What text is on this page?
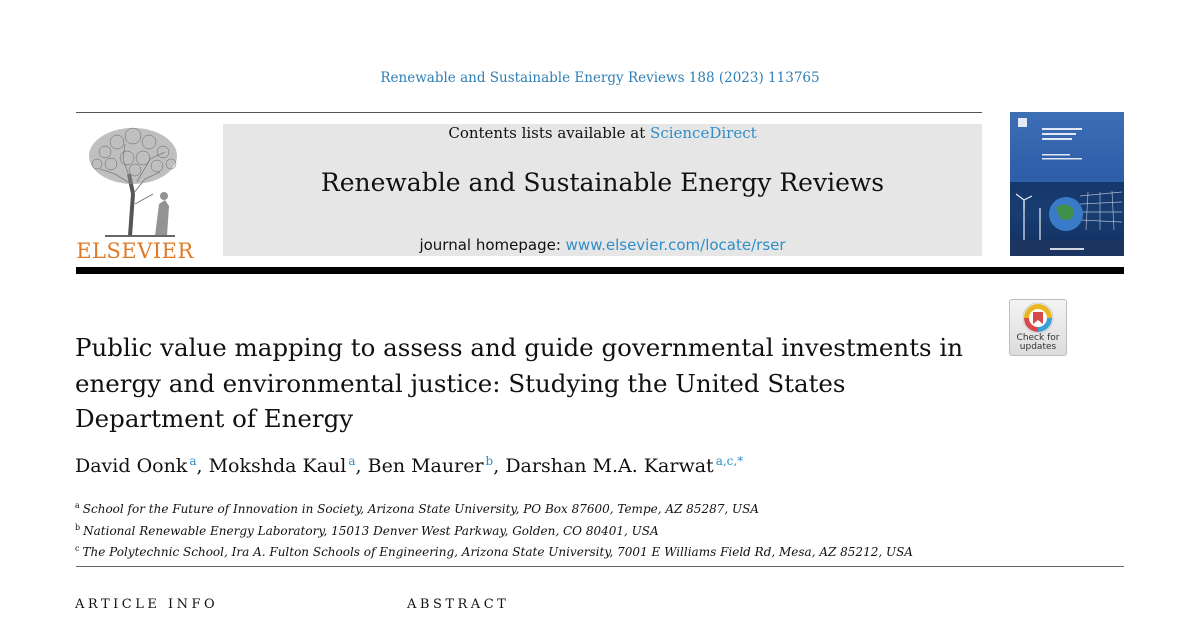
Renewable and Sustainable Energy Reviews 188 (2023) 113765
ELSEVIER
Contents lists available at ScienceDirect
Renewable and Sustainable Energy Reviews
journal homepage: www.elsevier.com/locate/rser
Check for
updates
Public value mapping to assess and guide governmental investments in energy and environmental justice: Studying the United States Department of Energy
David Oonk $^a$, Mokshda Kaul $^a$, Ben Maurer $^b$, Darshan M.A. Karwat $^{a,c,*}$
$^a$ School for the Future of Innovation in Society, Arizona State University, PO Box 87600, Tempe, AZ 85287, USA
$^b$ National Renewable Energy Laboratory, 15013 Denver West Parkway, Golden, CO 80401, USA
$^c$ The Polytechnic School, Ira A. Fulton Schools of Engineering, Arizona State University, 7001 E Williams Field Rd, Mesa, AZ 85212, USA
ARTICLE INFO	ABSTRACT
